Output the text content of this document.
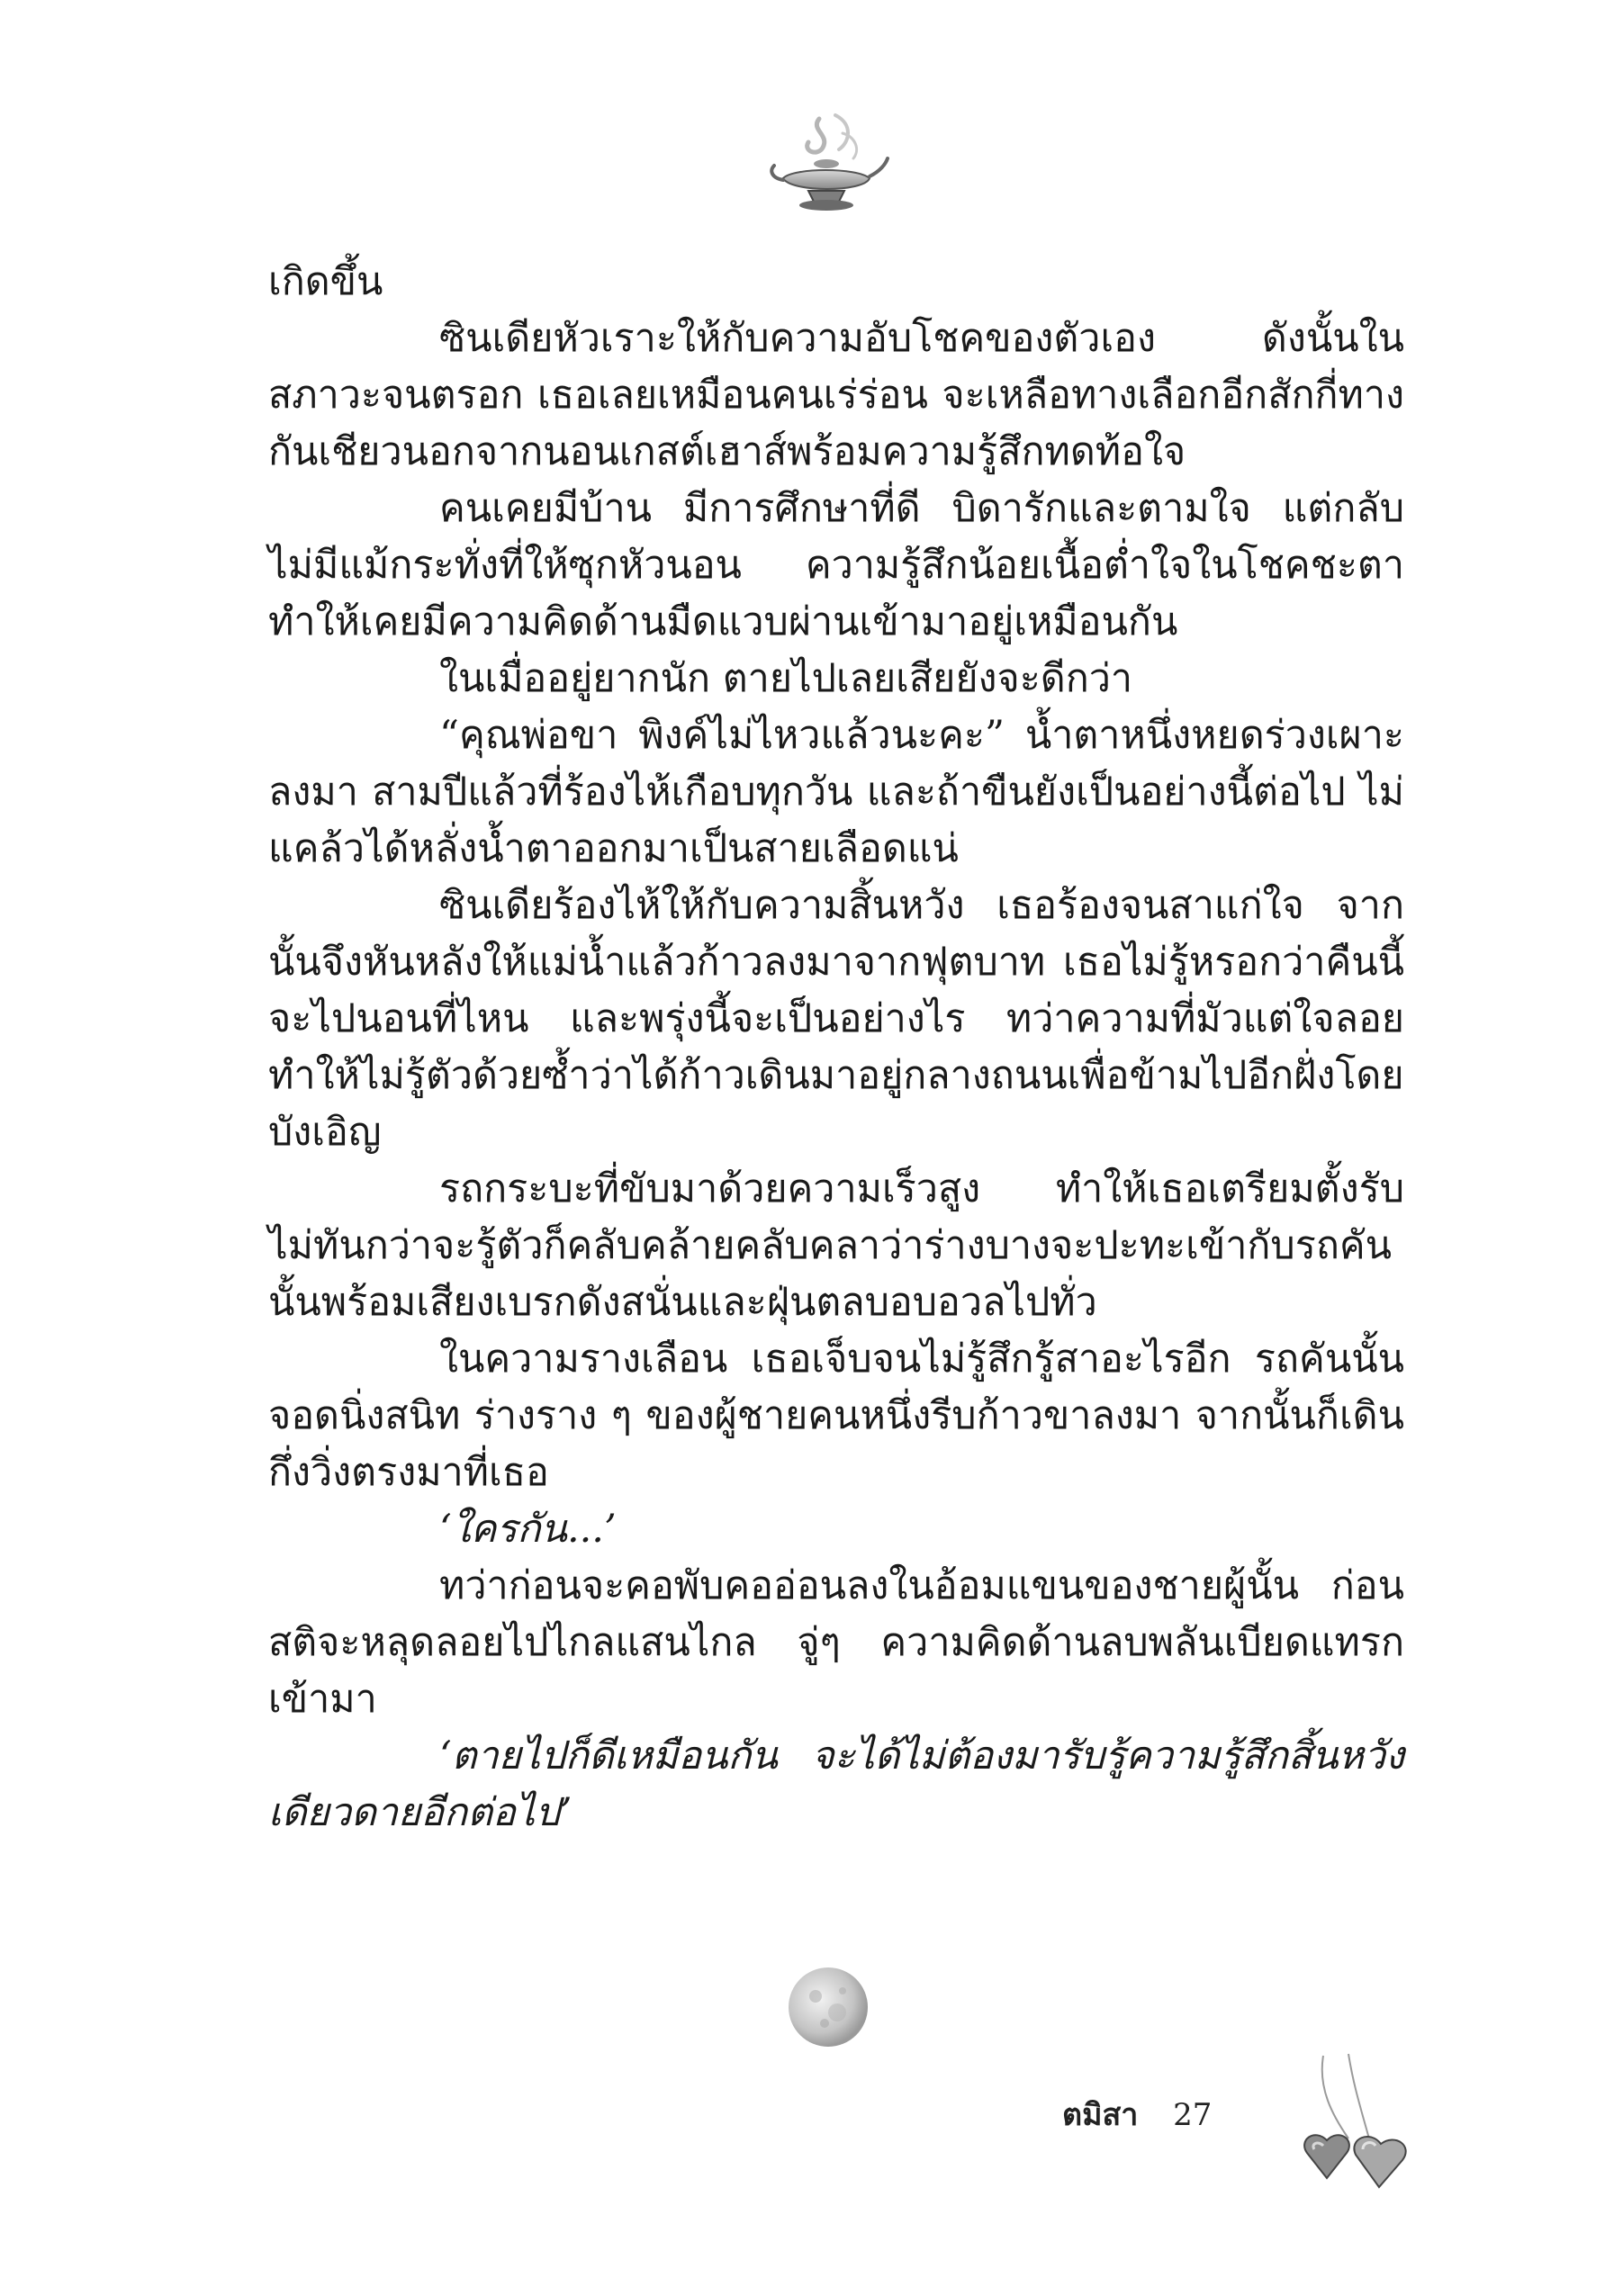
เกิดขึ้น

ซินเดียหัวเราะให้กับความอับโชคของตัวเอง ดังนั้นในสภาวะจนตรอก เธอเลยเหมือนคนเร่ร่อน จะเหลือทางเลือกอีกสักกี่ทางกันเชียวนอกจากนอนเกสต์เฮาส์พร้อมความรู้สึกทดท้อใจ

คนเคยมีบ้าน มีการศึกษาที่ดี บิดารักและตามใจ แต่กลับไม่มีแม้กระทั่งที่ให้ซุกหัวนอน ความรู้สึกน้อยเนื้อต่ำใจในโชคชะตาทำให้เคยมีความคิดด้านมืดแวบผ่านเข้ามาอยู่เหมือนกัน

ในเมื่ออยู่ยากนัก ตายไปเลยเสียยังจะดีกว่า

“คุณพ่อขา พิงค์ไม่ไหวแล้วนะคะ” น้ำตาหนึ่งหยดร่วงเผาะลงมา สามปีแล้วที่ร้องไห้เกือบทุกวัน และถ้าขืนยังเป็นอย่างนี้ต่อไป ไม่แคล้วได้หลั่งน้ำตาออกมาเป็นสายเลือดแน่

ซินเดียร้องไห้ให้กับความสิ้นหวัง เธอร้องจนสาแก่ใจ จากนั้นจึงหันหลังให้แม่น้ำแล้วก้าวลงมาจากฟุตบาท เธอไม่รู้หรอกว่าคืนนี้จะไปนอนที่ไหน และพรุ่งนี้จะเป็นอย่างไร ทว่าความที่มัวแต่ใจลอยทำให้ไม่รู้ตัวด้วยซ้ำว่าได้ก้าวเดินมาอยู่กลางถนนเพื่อข้ามไปอีกฝั่งโดยบังเอิญ

รถกระบะที่ขับมาด้วยความเร็วสูง ทำให้เธอเตรียมตั้งรับไม่ทันกว่าจะรู้ตัวก็คลับคล้ายคลับคลาว่าร่างบางจะปะทะเข้ากับรถคันนั้นพร้อมเสียงเบรกดังสนั่นและฝุ่นตลบอบอวลไปทั่ว

ในความรางเลือน เธอเจ็บจนไม่รู้สึกรู้สาอะไรอีก รถคันนั้นจอดนิ่งสนิท ร่างราง ๆ ของผู้ชายคนหนึ่งรีบก้าวขาลงมา จากนั้นก็เดินกึ่งวิ่งตรงมาที่เธอ

‘ใครกัน...’

ทว่าก่อนจะคอพับคออ่อนลงในอ้อมแขนของชายผู้นั้น ก่อนสติจะหลุดลอยไปไกลแสนไกล จู่ๆ ความคิดด้านลบพลันเบียดแทรกเข้ามา

‘ตายไปก็ดีเหมือนกัน จะได้ไม่ต้องมารับรู้ความรู้สึกสิ้นหวังเดียวดายอีกต่อไป’

ตมิสา 27
